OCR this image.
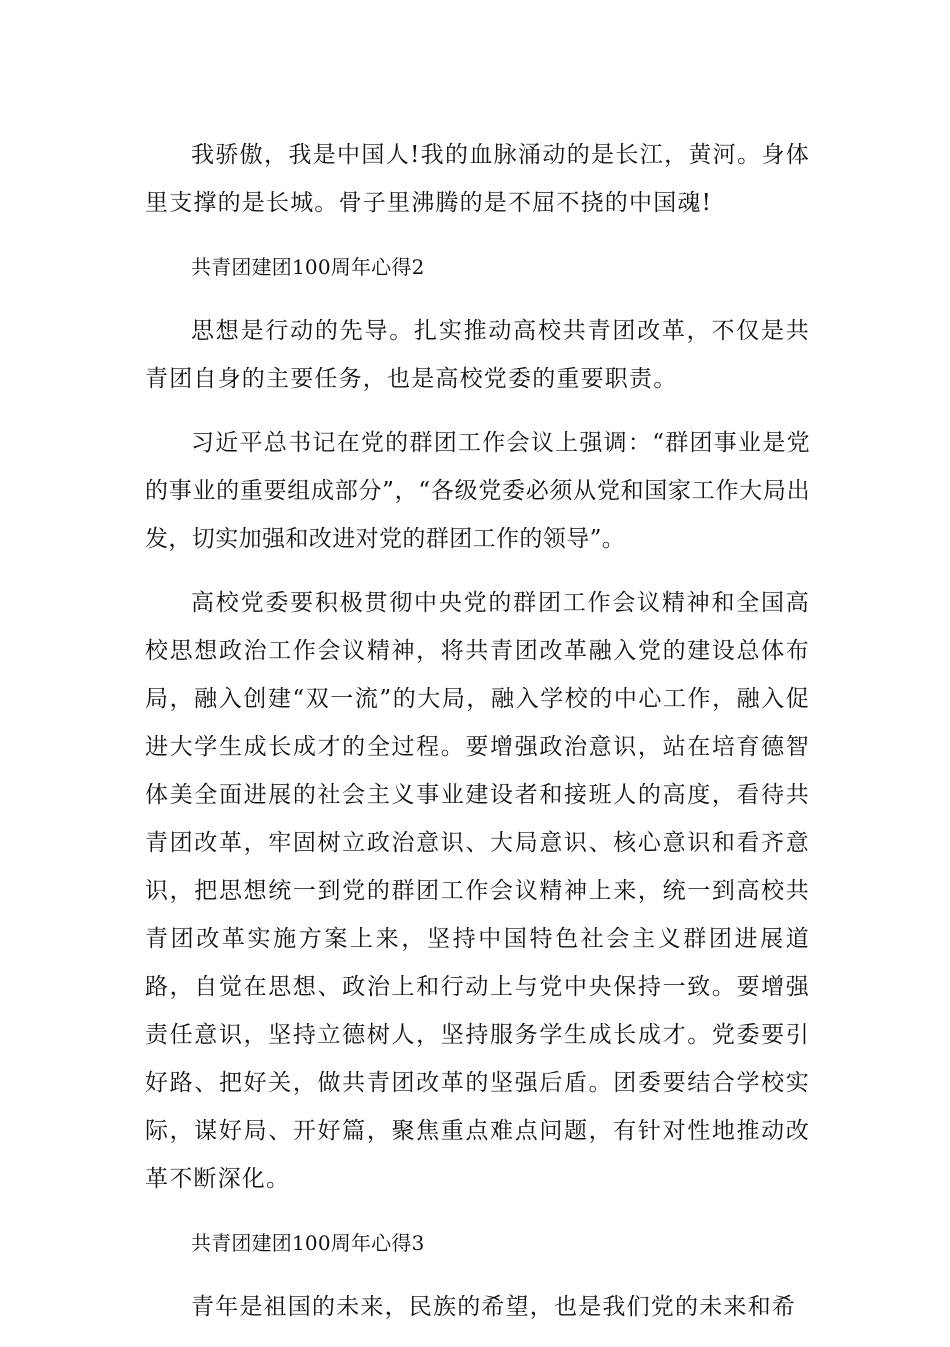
我骄傲，我是中国人!我的血脉涌动的是长江，黄河。身体里支撑的是长城。骨子里沸腾的是不屈不挠的中国魂!

共青团建团100周年心得2

思想是行动的先导。扎实推动高校共青团改革，不仅是共青团自身的主要任务，也是高校党委的重要职责。

习近平总书记在党的群团工作会议上强调：“群团事业是党的事业的重要组成部分”，“各级党委必须从党和国家工作大局出发，切实加强和改进对党的群团工作的领导”。

高校党委要积极贯彻中央党的群团工作会议精神和全国高校思想政治工作会议精神，将共青团改革融入党的建设总体布局，融入创建“双一流”的大局，融入学校的中心工作，融入促进大学生成长成才的全过程。要增强政治意识，站在培育德智体美全面进展的社会主义事业建设者和接班人的高度，看待共青团改革，牢固树立政治意识、大局意识、核心意识和看齐意识，把思想统一到党的群团工作会议精神上来，统一到高校共青团改革实施方案上来，坚持中国特色社会主义群团进展道路，自觉在思想、政治上和行动上与党中央保持一致。要增强责任意识，坚持立德树人，坚持服务学生成长成才。党委要引好路、把好关，做共青团改革的坚强后盾。团委要结合学校实际，谋好局、开好篇，聚焦重点难点问题，有针对性地推动改革不断深化。

共青团建团100周年心得3

青年是祖国的未来，民族的希望，也是我们党的未来和希
